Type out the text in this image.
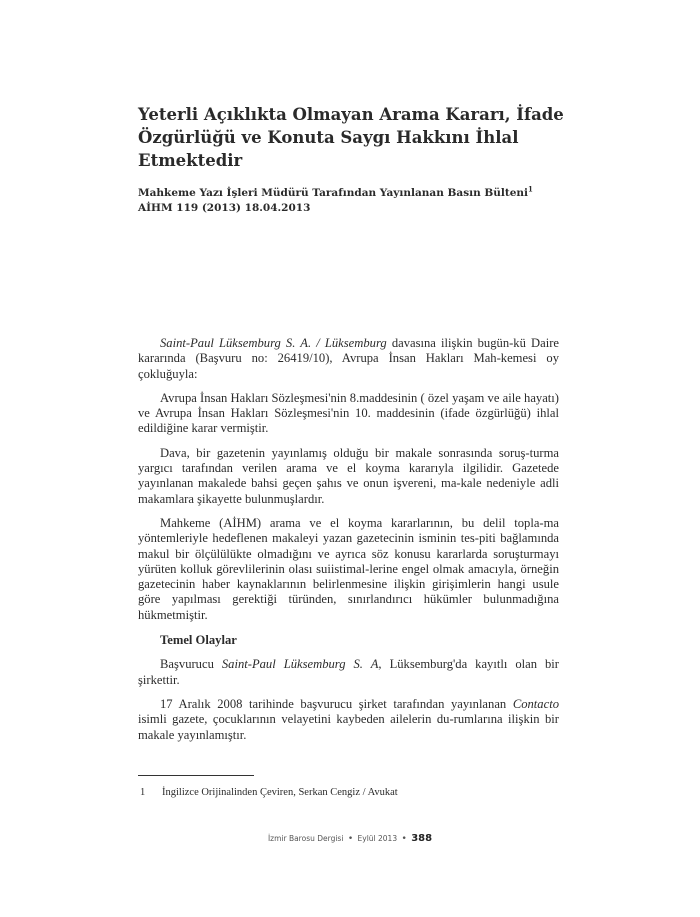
Yeterli Açıklıkta Olmayan Arama Kararı, İfade
Özgürlüğü ve Konuta Saygı Hakkını İhlal
Etmektedir
Mahkeme Yazı İşleri Müdürü Tarafından Yayınlanan Basın Bülteni$^1$
AİHM 119 (2013) 18.04.2013

Saint-Paul Lüksemburg S. A. / Lüksemburg davasına ilişkin bugün-kü Daire kararında (Başvuru no: 26419/10), Avrupa İnsan Hakları Mah-kemesi oy çokluğuyla:

Avrupa İnsan Hakları Sözleşmesi'nin 8.maddesinin ( özel yaşam ve aile hayatı) ve Avrupa İnsan Hakları Sözleşmesi'nin 10. maddesinin (ifade özgürlüğü) ihlal edildiğine karar vermiştir.

Dava, bir gazetenin yayınlamış olduğu bir makale sonrasında soruş-turma yargıcı tarafından verilen arama ve el koyma kararıyla ilgilidir. Gazetede yayınlanan makalede bahsi geçen şahıs ve onun işvereni, ma-kale nedeniyle adli makamlara şikayette bulunmuşlardır.

Mahkeme (AİHM) arama ve el koyma kararlarının, bu delil topla-ma yöntemleriyle hedeflenen makaleyi yazan gazetecinin isminin tes-piti bağlamında makul bir ölçülülükte olmadığını ve ayrıca söz konusu kararlarda soruşturmayı yürüten kolluk görevlilerinin olası suiistimal-lerine engel olmak amacıyla, örneğin gazetecinin haber kaynaklarının belirlenmesine ilişkin girişimlerin hangi usule göre yapılması gerektiği türünden, sınırlandırıcı hükümler bulunmadığına hükmetmiştir.

Temel Olaylar

Başvurucu Saint-Paul Lüksemburg S. A, Lüksemburg'da kayıtlı olan bir şirkettir.

17 Aralık 2008 tarihinde başvurucu şirket tarafından yayınlanan Contacto isimli gazete, çocuklarının velayetini kaybeden ailelerin du-rumlarına ilişkin bir makale yayınlamıştır.

1 İngilizce Orijinalinden Çeviren, Serkan Cengiz / Avukat
İzmir Barosu Dergisi • Eylül 2013 • 388
